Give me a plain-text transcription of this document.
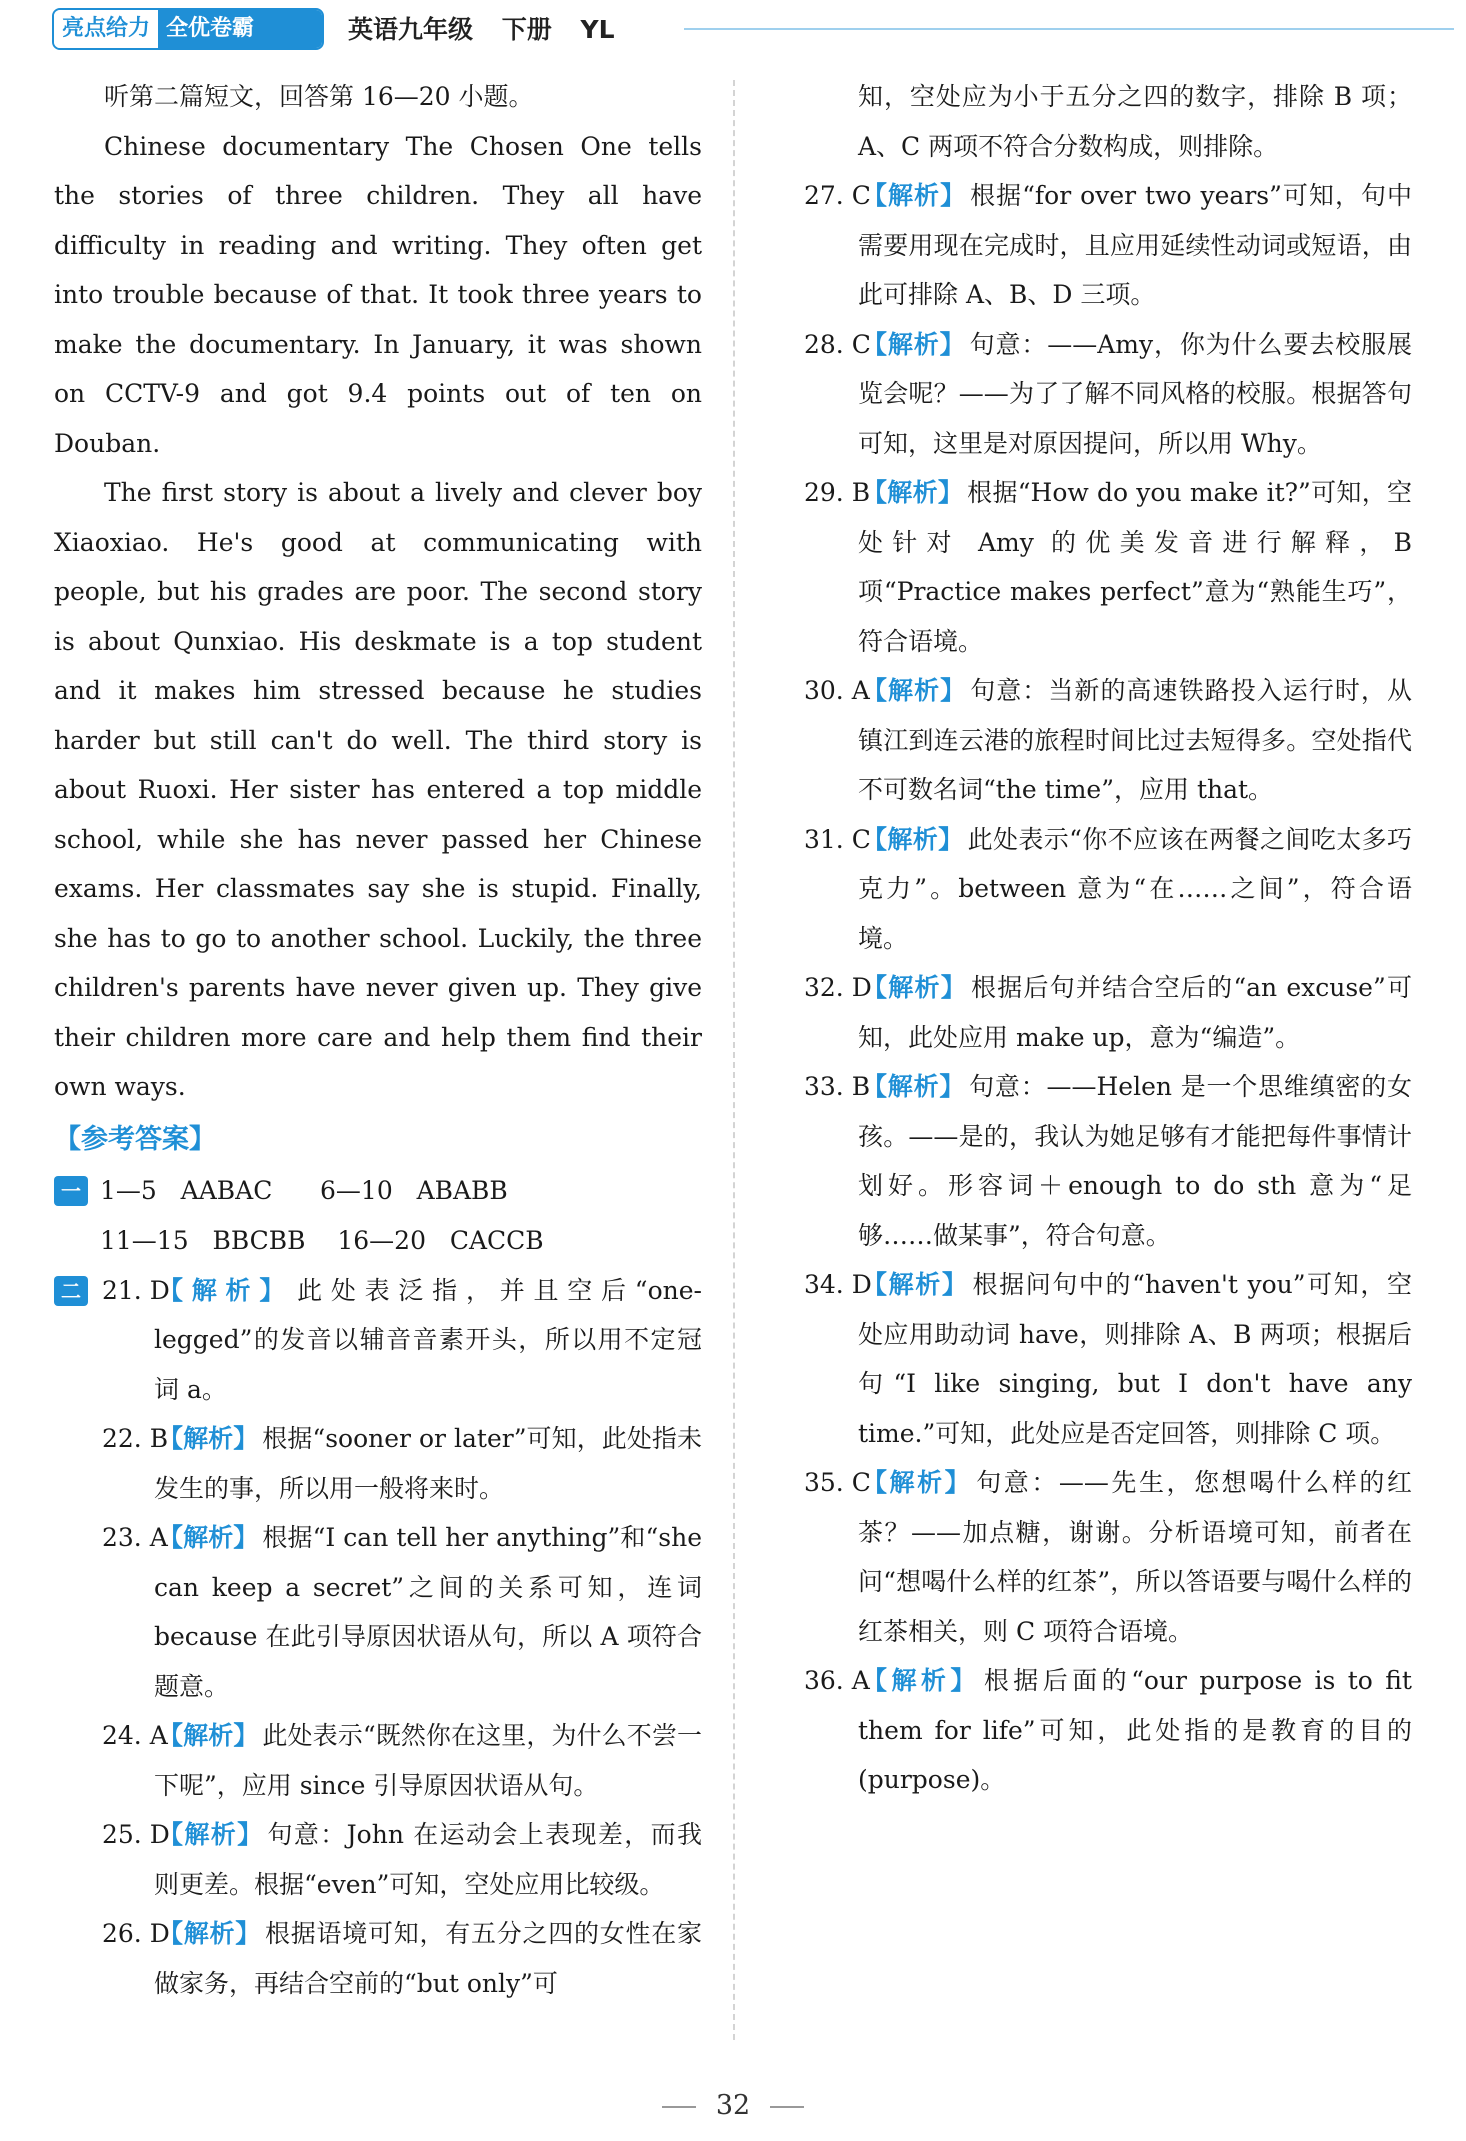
亮点给力 全优卷霸	英语九年级 下册 YL

听第二篇短文，回答第 16—20 小题。

Chinese documentary The Chosen One tells the stories of three children. They all have difficulty in reading and writing. They often get into trouble because of that. It took three years to make the documentary. In January, it was shown on CCTV-9 and got 9.4 points out of ten on Douban.

The first story is about a lively and clever boy Xiaoxiao. He's good at communicating with people, but his grades are poor. The second story is about Qunxiao. His deskmate is a top student and it makes him stressed because he studies harder but still can't do well. The third story is about Ruoxi. Her sister has entered a top middle school, while she has never passed her Chinese exams. Her classmates say she is stupid. Finally, she has to go to another school. Luckily, the three children's parents have never given up. They give their children more care and help them find their own ways.

【参考答案】
一 1—5
AABAC
6—10
ABABB
11—15
BBCBB
16—20
CACCB
二 21. D
【解析】 此处表泛指，并且空后“one-legged”的发音以辅音音素开头，所以用不定冠词 a。
22. B
【解析】 根据“sooner or later”可知，此处指未发生的事，所以用一般将来时。
23. A
【解析】 根据“I can tell her anything”和“she can keep a secret”之间的关系可知，连词 because 在此引导原因状语从句，所以 A 项符合题意。
24. A
【解析】 此处表示“既然你在这里，为什么不尝一下呢”，应用 since 引导原因状语从句。
25. D
【解析】 句意：John 在运动会上表现差，而我则更差。根据“even”可知，空处应用比较级。
26. D
【解析】 根据语境可知，有五分之四的女性在家做家务，再结合空前的“but only”可

知，空处应为小于五分之四的数字，排除 B 项；A、C 两项不符合分数构成，则排除。

27. C
【解析】 根据“for over two years”可知，句中需要用现在完成时，且应用延续性动词或短语，由此可排除 A、B、D 三项。
28. C
【解析】 句意：——Amy，你为什么要去校服展览会呢？——为了了解不同风格的校服。根据答句可知，这里是对原因提问，所以用 Why。
29. B
【解析】 根据“How do you make it?”可知，空处针对 Amy 的优美发音进行解释，B 项“Practice makes perfect”意为“熟能生巧”，符合语境。
30. A
【解析】 句意：当新的高速铁路投入运行时，从镇江到连云港的旅程时间比过去短得多。空处指代不可数名词“the time”，应用 that。
31. C
【解析】 此处表示“你不应该在两餐之间吃太多巧克力”。between 意为“在……之间”，符合语境。
32. D
【解析】 根据后句并结合空后的“an excuse”可知，此处应用 make up，意为“编造”。
33. B
【解析】 句意：——Helen 是一个思维缜密的女孩。——是的，我认为她足够有才能把每件事情计划好。形容词＋enough to do sth 意为“足够……做某事”，符合句意。
34. D
【解析】 根据问句中的“haven't you”可知，空处应用助动词 have，则排除 A、B 两项；根据后句“I like singing, but I don't have any time.”可知，此处应是否定回答，则排除 C 项。
35. C
【解析】 句意：——先生，您想喝什么样的红茶？——加点糖，谢谢。分析语境可知，前者在问“想喝什么样的红茶”，所以答语要与喝什么样的红茶相关，则 C 项符合语境。
36. A
【解析】 根据后面的“our purpose is to fit them for life”可知，此处指的是教育的目的(purpose)。
32
